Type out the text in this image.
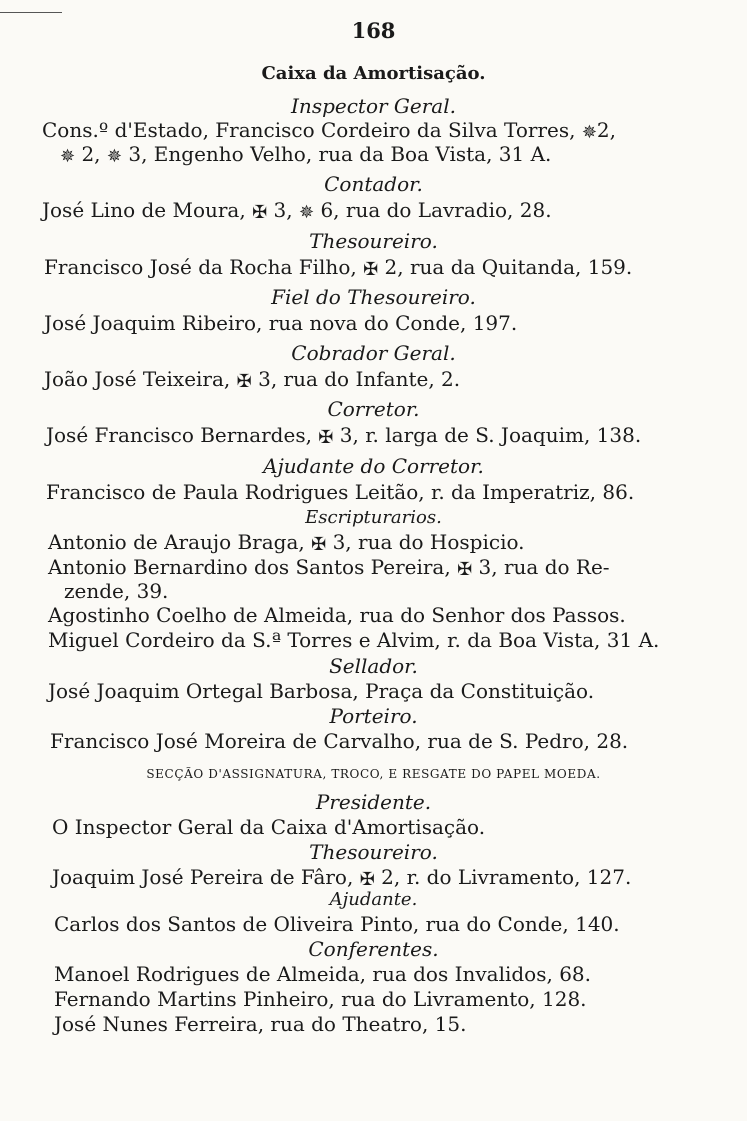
168
Caixa da Amortisação.
Inspector Geral.
Cons.º d'Estado, Francisco Cordeiro da Silva Torres, ✵2,
✵ 2, ✵ 3, Engenho Velho, rua da Boa Vista, 31 A.
Contador.
José Lino de Moura, ✠ 3, ✵ 6, rua do Lavradio, 28.
Thesoureiro.
Francisco José da Rocha Filho, ✠ 2, rua da Quitanda, 159.
Fiel do Thesoureiro.
José Joaquim Ribeiro, rua nova do Conde, 197.
Cobrador Geral.
João José Teixeira, ✠ 3, rua do Infante, 2.
Corretor.
José Francisco Bernardes, ✠ 3, r. larga de S. Joaquim, 138.
Ajudante do Corretor.
Francisco de Paula Rodrigues Leitão, r. da Imperatriz, 86.
Escripturarios.
Antonio de Araujo Braga, ✠ 3, rua do Hospicio.
Antonio Bernardino dos Santos Pereira, ✠ 3, rua do Re-
zende, 39.
Agostinho Coelho de Almeida, rua do Senhor dos Passos.
Miguel Cordeiro da S.ª Torres e Alvim, r. da Boa Vista, 31 A.
Sellador.
José Joaquim Ortegal Barbosa, Praça da Constituição.
Porteiro.
Francisco José Moreira de Carvalho, rua de S. Pedro, 28.
SECÇÃO D'ASSIGNATURA, TROCO, E RESGATE DO PAPEL MOEDA.
Presidente.
O Inspector Geral da Caixa d'Amortisação.
Thesoureiro.
Joaquim José Pereira de Fâro, ✠ 2, r. do Livramento, 127.
Ajudante.
Carlos dos Santos de Oliveira Pinto, rua do Conde, 140.
Conferentes.
Manoel Rodrigues de Almeida, rua dos Invalidos, 68.
Fernando Martins Pinheiro, rua do Livramento, 128.
José Nunes Ferreira, rua do Theatro, 15.
